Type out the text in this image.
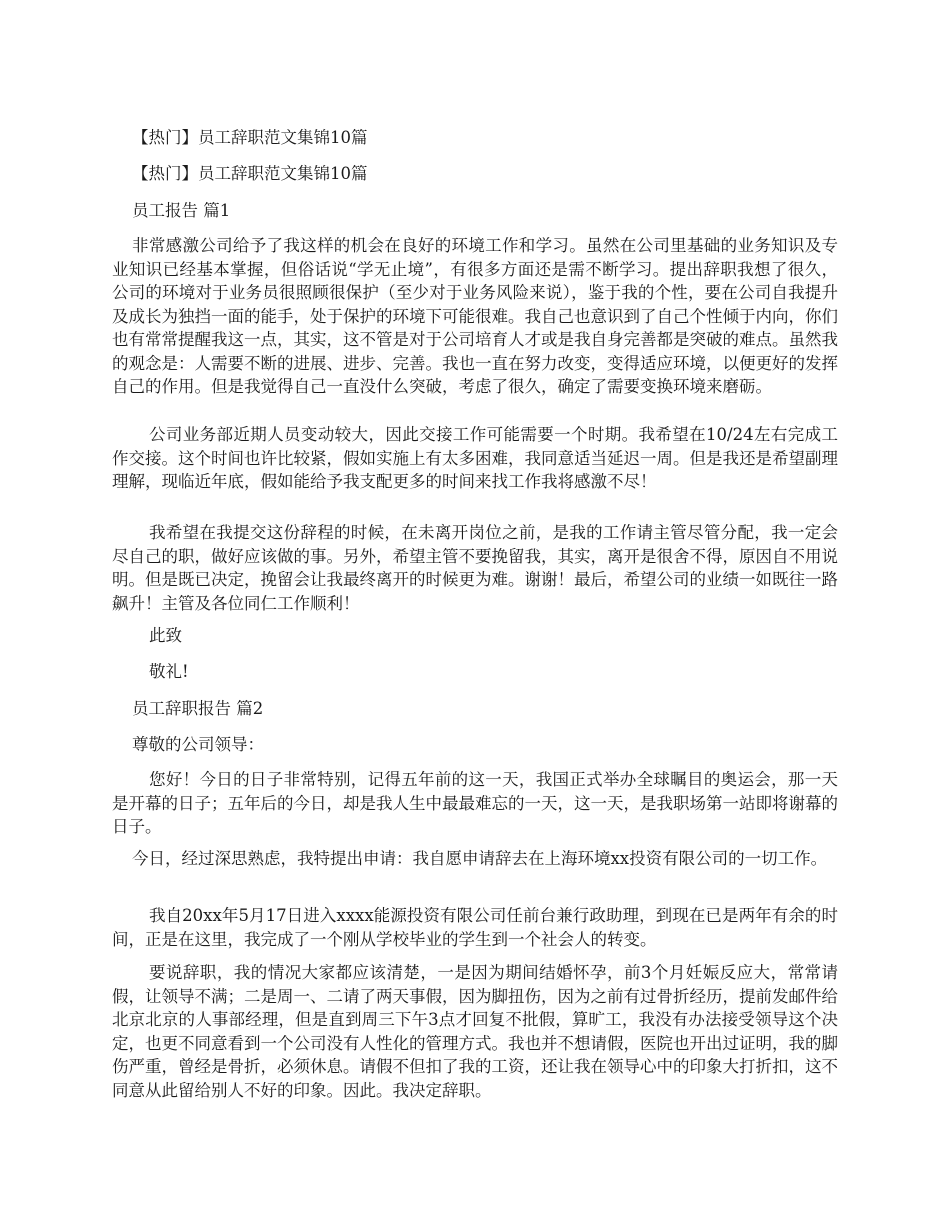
【热门】员工辞职范文集锦10篇
【热门】员工辞职范文集锦10篇
员工报告 篇1
非常感激公司给予了我这样的机会在良好的环境工作和学习。虽然在公司里基础的业务知识及专业知识已经基本掌握，但俗话说“学无止境”，有很多方面还是需不断学习。提出辞职我想了很久，公司的环境对于业务员很照顾很保护（至少对于业务风险来说），鉴于我的个性，要在公司自我提升及成长为独挡一面的能手，处于保护的环境下可能很难。我自己也意识到了自己个性倾于内向，你们也有常常提醒我这一点，其实，这不管是对于公司培育人才或是我自身完善都是突破的难点。虽然我的观念是：人需要不断的进展、进步、完善。我也一直在努力改变，变得适应环境，以便更好的发挥自己的作用。但是我觉得自己一直没什么突破，考虑了很久，确定了需要变换环境来磨砺。
公司业务部近期人员变动较大，因此交接工作可能需要一个时期。我希望在10/24左右完成工作交接。这个时间也许比较紧，假如实施上有太多困难，我同意适当延迟一周。但是我还是希望副理理解，现临近年底，假如能给予我支配更多的时间来找工作我将感激不尽！
我希望在我提交这份辞程的时候，在未离开岗位之前，是我的工作请主管尽管分配，我一定会尽自己的职，做好应该做的事。另外，希望主管不要挽留我，其实，离开是很舍不得，原因自不用说明。但是既已决定，挽留会让我最终离开的时候更为难。谢谢！最后，希望公司的业绩一如既往一路飙升！主管及各位同仁工作顺利！
此致
敬礼!
员工辞职报告 篇2
尊敬的公司领导：
您好！今日的日子非常特别，记得五年前的这一天，我国正式举办全球瞩目的奥运会，那一天是开幕的日子；五年后的今日，却是我人生中最最难忘的一天，这一天，是我职场第一站即将谢幕的日子。
今日，经过深思熟虑，我特提出申请：我自愿申请辞去在上海环境xx投资有限公司的一切工作。
我自20xx年5月17日进入xxxx能源投资有限公司任前台兼行政助理，到现在已是两年有余的时间，正是在这里，我完成了一个刚从学校毕业的学生到一个社会人的转变。
要说辞职，我的情况大家都应该清楚，一是因为期间结婚怀孕，前3个月妊娠反应大，常常请假，让领导不满；二是周一、二请了两天事假，因为脚扭伤，因为之前有过骨折经历，提前发邮件给北京北京的人事部经理，但是直到周三下午3点才回复不批假，算旷工，我没有办法接受领导这个决定，也更不同意看到一个公司没有人性化的管理方式。我也并不想请假，医院也开出过证明，我的脚伤严重，曾经是骨折，必须休息。请假不但扣了我的工资，还让我在领导心中的印象大打折扣，这不同意从此留给别人不好的印象。因此。我决定辞职。
